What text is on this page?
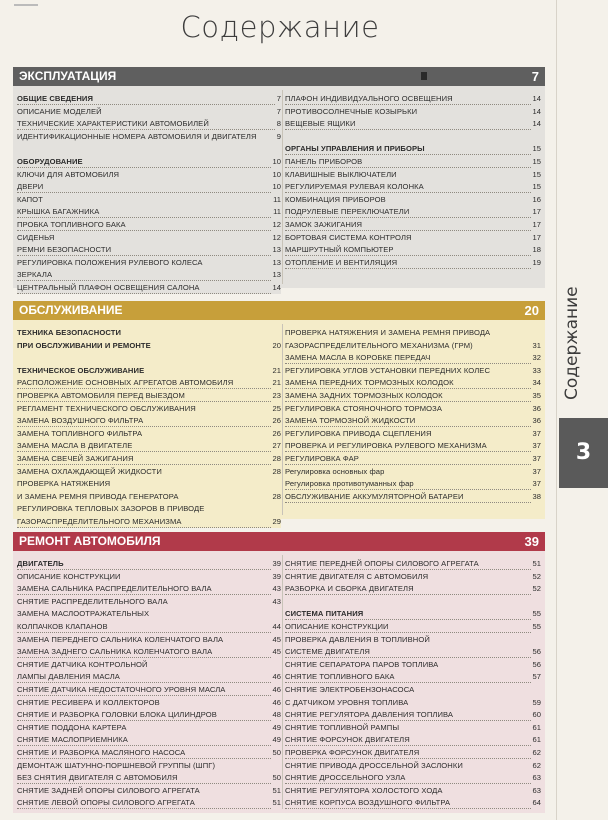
Содержание
ЭКСПЛУАТАЦИЯ	7
ОБЩИЕ СВЕДЕНИЯ	7
ОПИСАНИЕ МОДЕЛЕЙ	7
ТЕХНИЧЕСКИЕ ХАРАКТЕРИСТИКИ АВТОМОБИЛЕЙ	8
ИДЕНТИФИКАЦИОННЫЕ НОМЕРА АВТОМОБИЛЯ И ДВИГАТЕЛЯ	9
ОБОРУДОВАНИЕ	10
КЛЮЧИ ДЛЯ АВТОМОБИЛЯ	10
ДВЕРИ	10
КАПОТ	11
КРЫШКА БАГАЖНИКА	11
ПРОБКА ТОПЛИВНОГО БАКА	12
СИДЕНЬЯ	12
РЕМНИ БЕЗОПАСНОСТИ	13
РЕГУЛИРОВКА ПОЛОЖЕНИЯ РУЛЕВОГО КОЛЕСА	13
ЗЕРКАЛА	13
ЦЕНТРАЛЬНЫЙ ПЛАФОН ОСВЕЩЕНИЯ САЛОНА	14
ПЛАФОН ИНДИВИДУАЛЬНОГО ОСВЕЩЕНИЯ	14
ПРОТИВОСОЛНЕЧНЫЕ КОЗЫРЬКИ	14
ВЕЩЕВЫЕ ЯЩИКИ	14
ОРГАНЫ УПРАВЛЕНИЯ И ПРИБОРЫ	15
ПАНЕЛЬ ПРИБОРОВ	15
КЛАВИШНЫЕ ВЫКЛЮЧАТЕЛИ	15
РЕГУЛИРУЕМАЯ РУЛЕВАЯ КОЛОНКА	15
КОМБИНАЦИЯ ПРИБОРОВ	16
ПОДРУЛЕВЫЕ ПЕРЕКЛЮЧАТЕЛИ	17
ЗАМОК ЗАЖИГАНИЯ	17
БОРТОВАЯ СИСТЕМА КОНТРОЛЯ	17
МАРШРУТНЫЙ КОМПЬЮТЕР	18
ОТОПЛЕНИЕ И ВЕНТИЛЯЦИЯ	19
ОБСЛУЖИВАНИЕ	20
ТЕХНИКА БЕЗОПАСНОСТИ
ПРИ ОБСЛУЖИВАНИИ И РЕМОНТЕ	20
ТЕХНИЧЕСКОЕ ОБСЛУЖИВАНИЕ	21
РАСПОЛОЖЕНИЕ ОСНОВНЫХ АГРЕГАТОВ АВТОМОБИЛЯ	21
ПРОВЕРКА АВТОМОБИЛЯ ПЕРЕД ВЫЕЗДОМ	23
РЕГЛАМЕНТ ТЕХНИЧЕСКОГО ОБСЛУЖИВАНИЯ	25
ЗАМЕНА ВОЗДУШНОГО ФИЛЬТРА	26
ЗАМЕНА ТОПЛИВНОГО ФИЛЬТРА	26
ЗАМЕНА МАСЛА В ДВИГАТЕЛЕ	27
ЗАМЕНА СВЕЧЕЙ ЗАЖИГАНИЯ	28
ЗАМЕНА ОХЛАЖДАЮЩЕЙ ЖИДКОСТИ	28
ПРОВЕРКА НАТЯЖЕНИЯ
И ЗАМЕНА РЕМНЯ ПРИВОДА ГЕНЕРАТОРА	28
РЕГУЛИРОВКА ТЕПЛОВЫХ ЗАЗОРОВ В ПРИВОДЕ
ГАЗОРАСПРЕДЕЛИТЕЛЬНОГО МЕХАНИЗМА	29
ПРОВЕРКА НАТЯЖЕНИЯ И ЗАМЕНА РЕМНЯ ПРИВОДА
ГАЗОРАСПРЕДЕЛИТЕЛЬНОГО МЕХАНИЗМА (ГРМ)	31
ЗАМЕНА МАСЛА В КОРОБКЕ ПЕРЕДАЧ	32
РЕГУЛИРОВКА УГЛОВ УСТАНОВКИ ПЕРЕДНИХ КОЛЕС	33
ЗАМЕНА ПЕРЕДНИХ ТОРМОЗНЫХ КОЛОДОК	34
ЗАМЕНА ЗАДНИХ ТОРМОЗНЫХ КОЛОДОК	35
РЕГУЛИРОВКА СТОЯНОЧНОГО ТОРМОЗА	36
ЗАМЕНА ТОРМОЗНОЙ ЖИДКОСТИ	36
РЕГУЛИРОВКА ПРИВОДА СЦЕПЛЕНИЯ	37
ПРОВЕРКА И РЕГУЛИРОВКА РУЛЕВОГО МЕХАНИЗМА	37
РЕГУЛИРОВКА ФАР	37
Регулировка основных фар	37
Регулировка противотуманных фар	37
ОБСЛУЖИВАНИЕ АККУМУЛЯТОРНОЙ БАТАРЕИ	38
РЕМОНТ АВТОМОБИЛЯ	39
ДВИГАТЕЛЬ	39
ОПИСАНИЕ КОНСТРУКЦИИ	39
ЗАМЕНА САЛЬНИКА РАСПРЕДЕЛИТЕЛЬНОГО ВАЛА	43
СНЯТИЕ РАСПРЕДЕЛИТЕЛЬНОГО ВАЛА	43
ЗАМЕНА МАСЛООТРАЖАТЕЛЬНЫХ
КОЛПАЧКОВ КЛАПАНОВ	44
ЗАМЕНА ПЕРЕДНЕГО САЛЬНИКА КОЛЕНЧАТОГО ВАЛА	45
ЗАМЕНА ЗАДНЕГО САЛЬНИКА КОЛЕНЧАТОГО ВАЛА	45
СНЯТИЕ ДАТЧИКА КОНТРОЛЬНОЙ
ЛАМПЫ ДАВЛЕНИЯ МАСЛА	46
СНЯТИЕ ДАТЧИКА НЕДОСТАТОЧНОГО УРОВНЯ МАСЛА	46
СНЯТИЕ РЕСИВЕРА И КОЛЛЕКТОРОВ	46
СНЯТИЕ И РАЗБОРКА ГОЛОВКИ БЛОКА ЦИЛИНДРОВ	48
СНЯТИЕ ПОДДОНА КАРТЕРА	49
СНЯТИЕ МАСЛОПРИЕМНИКА	49
СНЯТИЕ И РАЗБОРКА МАСЛЯНОГО НАСОСА	50
ДЕМОНТАЖ ШАТУННО-ПОРШНЕВОЙ ГРУППЫ (ШПГ)
БЕЗ СНЯТИЯ ДВИГАТЕЛЯ С АВТОМОБИЛЯ	50
СНЯТИЕ ЗАДНЕЙ ОПОРЫ СИЛОВОГО АГРЕГАТА	51
СНЯТИЕ ЛЕВОЙ ОПОРЫ СИЛОВОГО АГРЕГАТА	51
СНЯТИЕ ПЕРЕДНЕЙ ОПОРЫ СИЛОВОГО АГРЕГАТА	51
СНЯТИЕ ДВИГАТЕЛЯ С АВТОМОБИЛЯ	52
РАЗБОРКА И СБОРКА ДВИГАТЕЛЯ	52
СИСТЕМА ПИТАНИЯ	55
ОПИСАНИЕ КОНСТРУКЦИИ	55
ПРОВЕРКА ДАВЛЕНИЯ В ТОПЛИВНОЙ
СИСТЕМЕ ДВИГАТЕЛЯ	56
СНЯТИЕ СЕПАРАТОРА ПАРОВ ТОПЛИВА	56
СНЯТИЕ ТОПЛИВНОГО БАКА	57
СНЯТИЕ ЭЛЕКТРОБЕНЗОНАСОСА
С ДАТЧИКОМ УРОВНЯ ТОПЛИВА	59
СНЯТИЕ РЕГУЛЯТОРА ДАВЛЕНИЯ ТОПЛИВА	60
СНЯТИЕ ТОПЛИВНОЙ РАМПЫ	61
СНЯТИЕ ФОРСУНОК ДВИГАТЕЛЯ	61
ПРОВЕРКА ФОРСУНОК ДВИГАТЕЛЯ	62
СНЯТИЕ ПРИВОДА ДРОССЕЛЬНОЙ ЗАСЛОНКИ	62
СНЯТИЕ ДРОССЕЛЬНОГО УЗЛА	63
СНЯТИЕ РЕГУЛЯТОРА ХОЛОСТОГО ХОДА	63
СНЯТИЕ КОРПУСА ВОЗДУШНОГО ФИЛЬТРА	64
Содержание
3
